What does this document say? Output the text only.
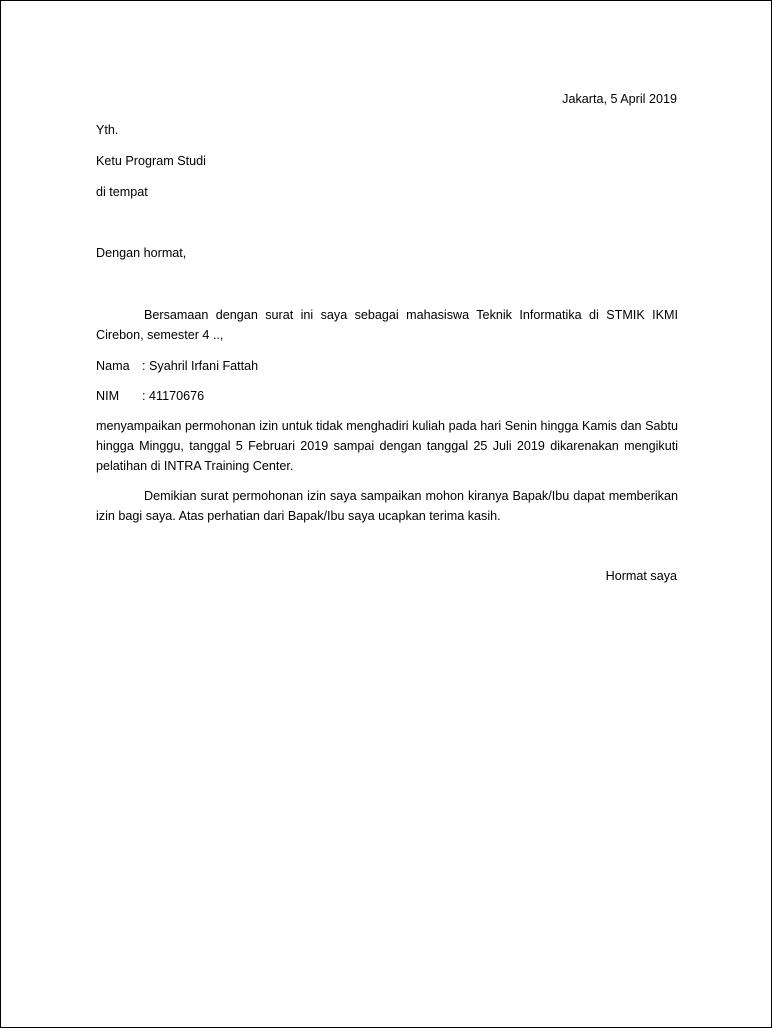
Jakarta, 5 April 2019
Yth.
Ketu Program Studi
di tempat
Dengan hormat,
Bersamaan dengan surat ini saya sebagai mahasiswa Teknik Informatika di STMIK IKMI Cirebon, semester 4 ..,
Nama : Syahril Irfani Fattah
NIM : 41170676
menyampaikan permohonan izin untuk tidak menghadiri kuliah pada hari Senin hingga Kamis dan Sabtu hingga Minggu, tanggal 5 Februari 2019 sampai dengan tanggal 25 Juli 2019 dikarenakan mengikuti pelatihan di INTRA Training Center.
Demikian surat permohonan izin saya sampaikan mohon kiranya Bapak/Ibu dapat memberikan izin bagi saya. Atas perhatian dari Bapak/Ibu saya ucapkan terima kasih.
Hormat saya
